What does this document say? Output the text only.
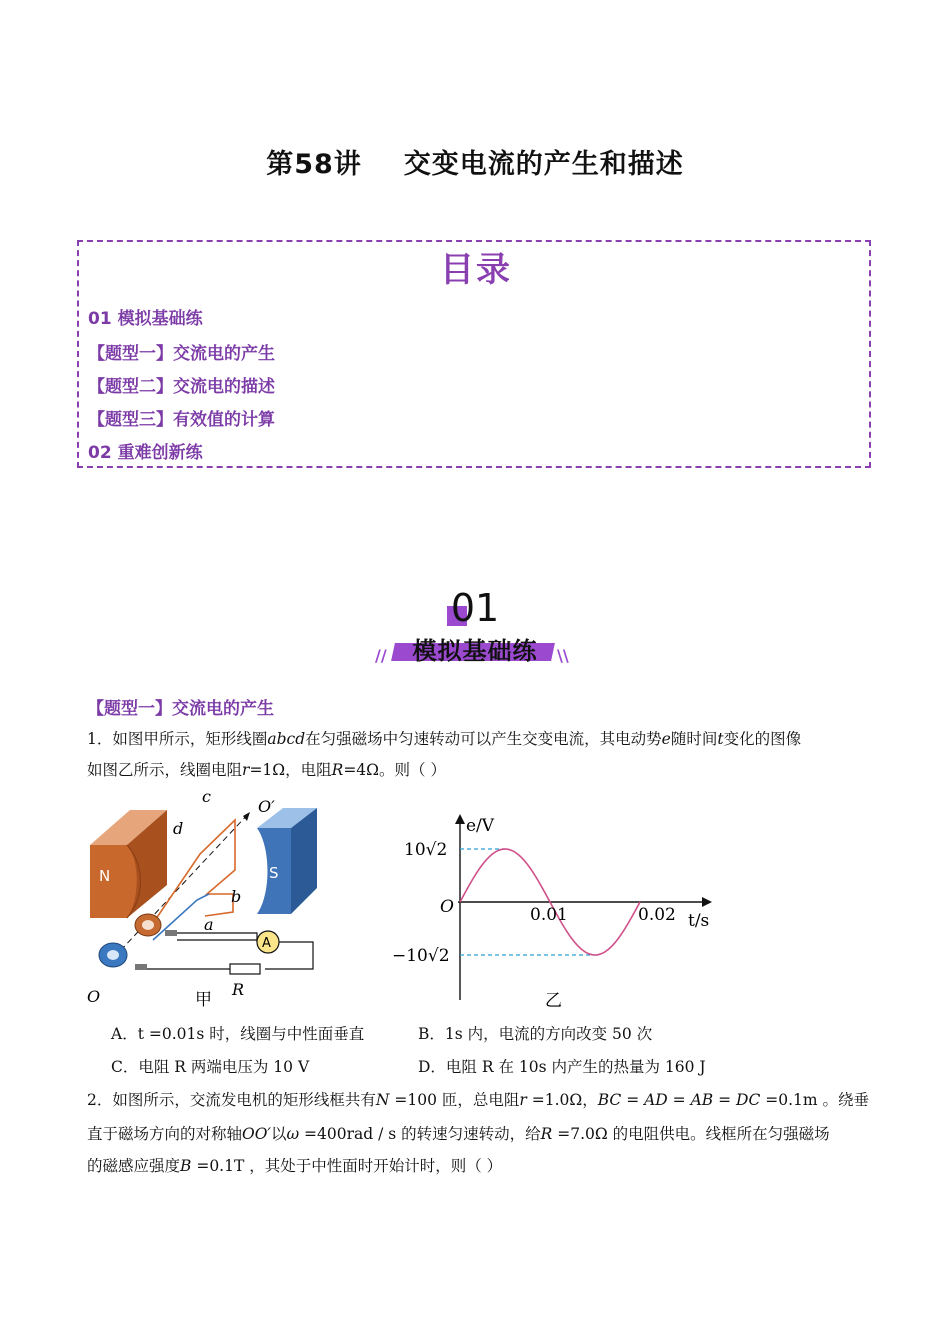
第58讲 交变电流的产生和描述
目录
01 模拟基础练
【题型一】交流电的产生
【题型二】交流电的描述
【题型三】有效值的计算
02 重难创新练
01
模拟基础练
//	\\
【题型一】交流电的产生
1．如图甲所示，矩形线圈abcd在匀强磁场中匀速转动可以产生交变电流，其电动势e随时间t变化的图像
如图乙所示，线圈电阻r=1Ω，电阻R=4Ω。则（ ）
N	S
A
c
d
b
a
O′
O	R
甲
e/V
t/s
O
10√2
−10√2
0.01	0.02
乙
A．t =0.01s 时，线圈与中性面垂直	B．1s 内，电流的方向改变 50 次
C．电阻 R 两端电压为 10 V	D．电阻 R 在 10s 内产生的热量为 160 J
2．如图所示，交流发电机的矩形线框共有N =100 匝，总电阻r =1.0Ω，BC = AD = AB = DC =0.1m 。绕垂
直于磁场方向的对称轴OO′以ω =400rad / s 的转速匀速转动，给R =7.0Ω 的电阻供电。线框所在匀强磁场
的磁感应强度B =0.1T ，其处于中性面时开始计时，则（ ）
